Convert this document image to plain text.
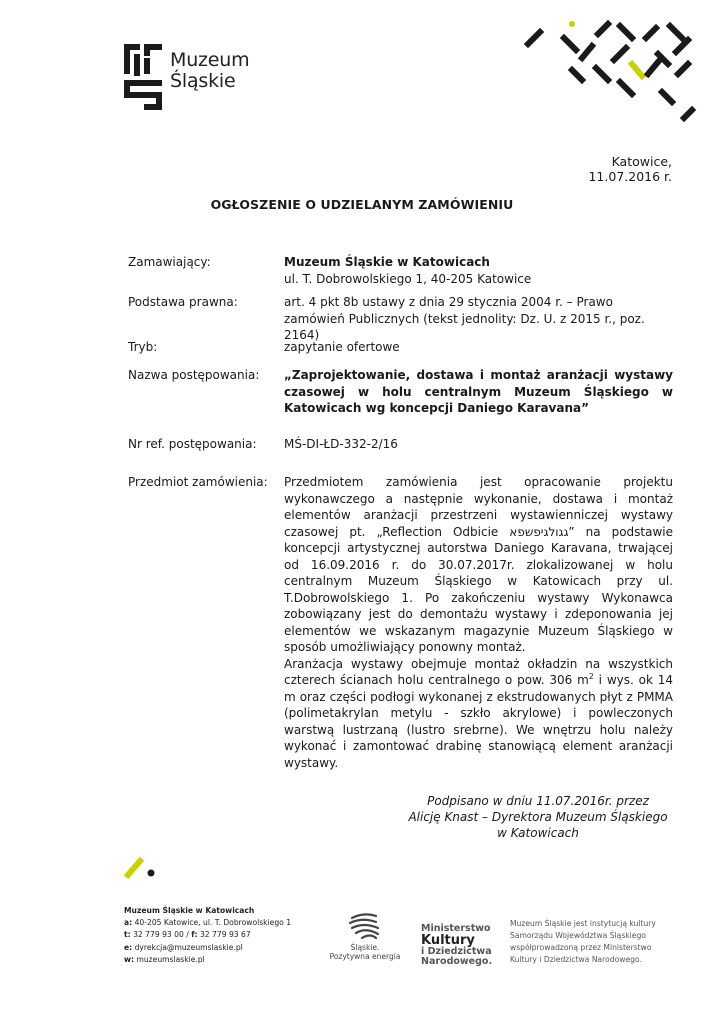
Muzeum
Śląskie
Katowice, 11.07.2016 r.
OGŁOSZENIE O UDZIELANYM ZAMÓWIENIU
Zamawiający:	Muzeum Śląskie w Katowicach
ul. T. Dobrowolskiego 1, 40-205 Katowice
Podstawa prawna:	art. 4 pkt 8b ustawy z dnia 29 stycznia 2004 r. – Prawo zamówień Publicznych (tekst jednolity: Dz. U. z 2015 r., poz. 2164)
Tryb:	zapytanie ofertowe
Nazwa postępowania: „Zaprojektowanie, dostawa i montaż aranżacji wystawy czasowej w holu centralnym Muzeum Śląskiego w Katowicach wg koncepcji Daniego Karavana”
Nr ref. postępowania: MŚ-DI-ŁD-332-2/16
Przedmiot zamówienia: Przedmiotem zamówienia jest opracowanie projektu wykonawczego a następnie wykonanie, dostawa i montaż elementów aranżacji przestrzeni wystawienniczej wystawy czasowej pt. „Reflection Odbicie גגולגיפשפא” na podstawie koncepcji artystycznej autorstwa Daniego Karavana, trwającej od 16.09.2016 r. do 30.07.2017r. zlokalizowanej w holu centralnym Muzeum Śląskiego w Katowicach przy ul. T.Dobrowolskiego 1. Po zakończeniu wystawy Wykonawca zobowiązany jest do demontażu wystawy i zdeponowania jej elementów we wskazanym magazynie Muzeum Śląskiego w sposób umożliwiający ponowny montaż.
Aranżacja wystawy obejmuje montaż okładzin na wszystkich czterech ścianach holu centralnego o pow. 306 $m^2$ i wys. ok 14 m oraz części podłogi wykonanej z ekstrudowanych płyt z PMMA (polimetakrylan metylu - szkło akrylowe) i powleczonych warstwą lustrzaną (lustro srebrne). We wnętrzu holu należy wykonać i zamontować drabinę stanowiącą element aranżacji wystawy.
Podpisano w dniu 11.07.2016r. przez
Alicję Knast – Dyrektora Muzeum Śląskiego
w Katowicach
Muzeum Śląskie w Katowicach
a: 40-205 Katowice, ul. T. Dobrowolskiego 1
t: 32 779 93 00 / f: 32 779 93 67
e: dyrekcja@muzeumslaskie.pl
w: muzeumslaskie.pl
Śląskie.
Pozytywna energia
Ministerstwo
Kultury
i Dziedzictwa
Narodowego.
Muzeum Śląskie jest instytucją kultury Samorządu Województwa Śląskiego współprowadzoną przez Ministerstwo Kultury i Dziedzictwa Narodowego.
